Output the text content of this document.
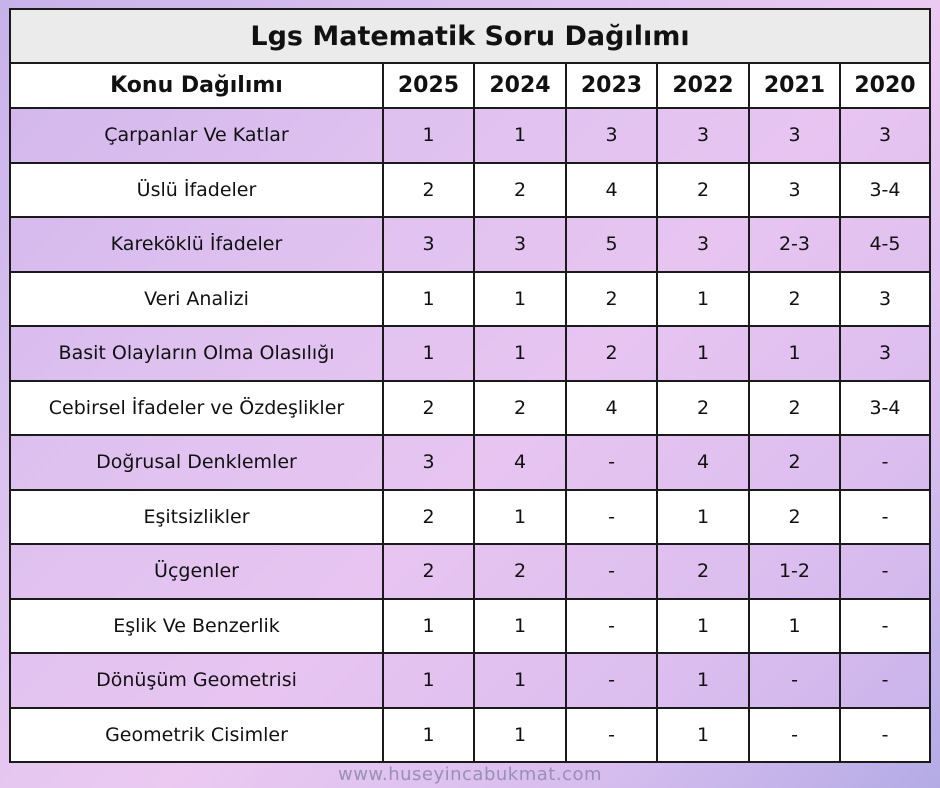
Lgs Matematik Soru Dağılımı						
Konu Dağılımı	2025	2024	2023	2022	2021	2020
Çarpanlar Ve Katlar	1	1	3	3	3	3
Üslü İfadeler	2	2	4	2	3	3-4
Kareköklü İfadeler	3	3	5	3	2-3	4-5
Veri Analizi	1	1	2	1	2	3
Basit Olayların Olma Olasılığı	1	1	2	1	1	3
Cebirsel İfadeler ve Özdeşlikler	2	2	4	2	2	3-4
Doğrusal Denklemler	3	4	-	4	2	-
Eşitsizlikler	2	1	-	1	2	-
Üçgenler	2	2	-	2	1-2	-
Eşlik Ve Benzerlik	1	1	-	1	1	-
Dönüşüm Geometrisi	1	1	-	1	-	-
Geometrik Cisimler	1	1	-	1	-	-
www.huseyincabukmat.com
